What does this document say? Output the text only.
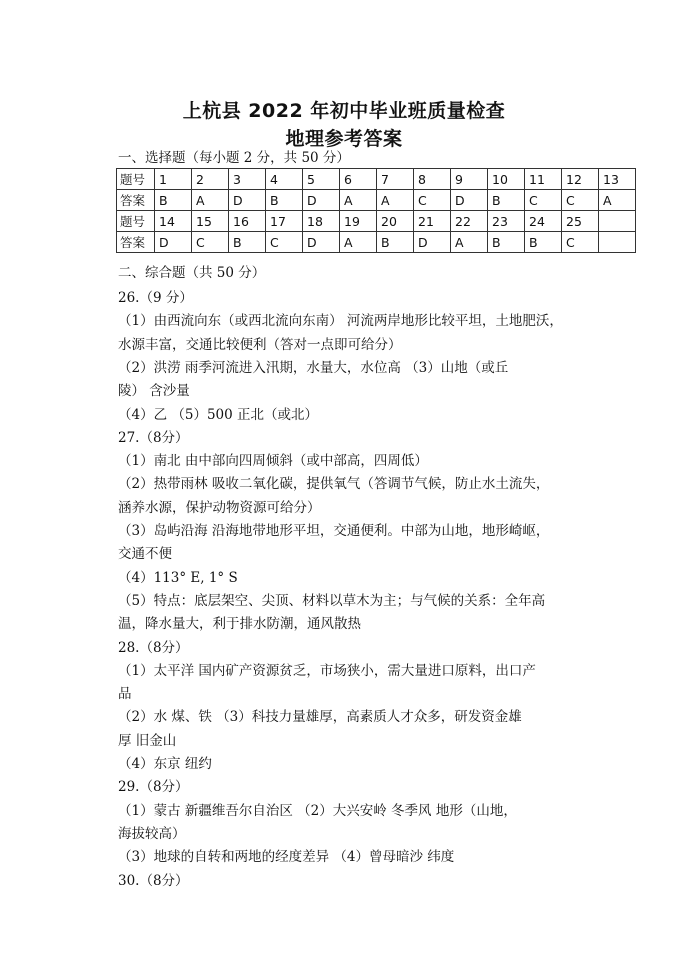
上杭县 2022 年初中毕业班质量检查
地理参考答案
一、选择题（每小题 2 分，共 50 分）
题号	1	2	3	4	5	6	7	8	9	10	11	12	13
答案	B	A	D	B	D	A	A	C	D	B	C	C	A
题号	14	15	16	17	18	19	20	21	22	23	24	25	
答案	D	C	B	C	D	A	B	D	A	B	B	C	
二、综合题（共 50 分）
26.（9 分）
（1）由西流向东（或西北流向东南） 河流两岸地形比较平坦，土地肥沃，
水源丰富，交通比较便利（答对一点即可给分）
（2）洪涝 雨季河流进入汛期，水量大，水位高 （3）山地（或丘
陵） 含沙量
（4）乙 （5）500 正北（或北）
27.（8分）
（1）南北 由中部向四周倾斜（或中部高，四周低）
（2）热带雨林 吸收二氧化碳，提供氧气（答调节气候，防止水土流失，
涵养水源，保护动物资源可给分）
（3）岛屿沿海 沿海地带地形平坦，交通便利。中部为山地，地形崎岖，
交通不便
（4）113° E, 1° S
（5）特点：底层架空、尖顶、材料以草木为主；与气候的关系：全年高
温，降水量大，利于排水防潮，通风散热
28.（8分）
（1）太平洋 国内矿产资源贫乏，市场狭小，需大量进口原料，出口产
品
（2）水 煤、铁 （3）科技力量雄厚，高素质人才众多，研发资金雄
厚 旧金山
（4）东京 纽约
29.（8分）
（1）蒙古 新疆维吾尔自治区 （2）大兴安岭 冬季风 地形（山地，
海拔较高）
（3）地球的自转和两地的经度差异 （4）曾母暗沙 纬度
30.（8分）
